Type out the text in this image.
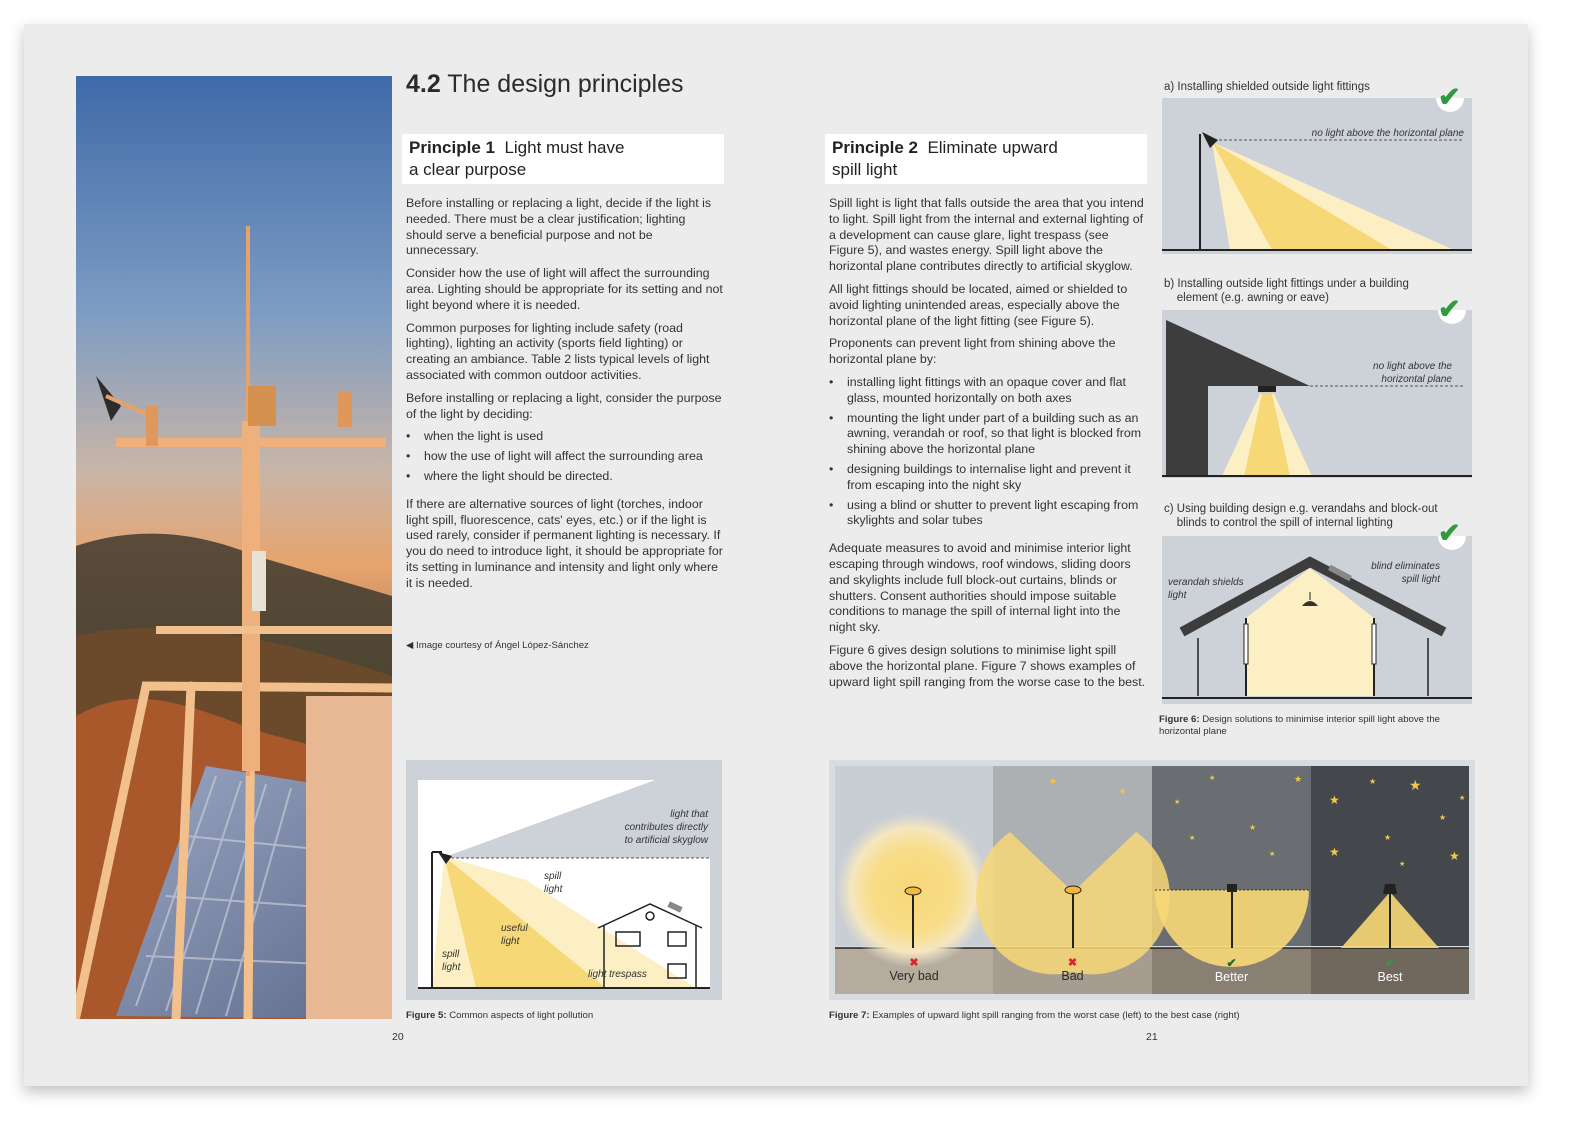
4.2 The design principles
Principle 1 Light must have
a clear purpose

Before installing or replacing a light, decide if the light is needed. There must be a clear justification; lighting should serve a beneficial purpose and not be unnecessary.

Consider how the use of light will affect the surrounding area. Lighting should be appropriate for its setting and not light beyond where it is needed.

Common purposes for lighting include safety (road lighting), lighting an activity (sports field lighting) or creating an ambiance. Table 2 lists typical levels of light associated with common outdoor activities.

Before installing or replacing a light, consider the purpose of the light by deciding:

• when the light is used
• how the use of light will affect the surrounding area
• where the light should be directed.

If there are alternative sources of light (torches, indoor light spill, fluorescence, cats' eyes, etc.) or if the light is used rarely, consider if permanent lighting is necessary. If you do need to introduce light, it should be appropriate for its setting in luminance and intensity and light only where it is needed.

◀ Image courtesy of Ángel López-Sánchez
light that
contributes directly
to artificial skyglow
spill
light
useful
light
spill
light
light trespass
Figure 5: Common aspects of light pollution
20
Principle 2 Eliminate upward
spill light

Spill light is light that falls outside the area that you intend to light. Spill light from the internal and external lighting of a development can cause glare, light trespass (see Figure 5), and wastes energy. Spill light above the horizontal plane contributes directly to artificial skyglow.

All light fittings should be located, aimed or shielded to avoid lighting unintended areas, especially above the horizontal plane of the light fitting (see Figure 5).

Proponents can prevent light from shining above the horizontal plane by:

• installing light fittings with an opaque cover and flat glass, mounted horizontally on both axes
• mounting the light under part of a building such as an awning, verandah or roof, so that light is blocked from shining above the horizontal plane
• designing buildings to internalise light and prevent it from escaping into the night sky
• using a blind or shutter to prevent light escaping from skylights and solar tubes

Adequate measures to avoid and minimise interior light escaping through windows, roof windows, sliding doors and skylights include full block-out curtains, blinds or shutters. Consent authorities should impose suitable conditions to manage the spill of internal light into the night sky.

Figure 6 gives design solutions to minimise light spill above the horizontal plane. Figure 7 shows examples of upward light spill ranging from the worse case to the best.

a) Installing shielded outside light fittings
no light above the horizontal plane
✔
b) Installing outside light fittings under a building
element (e.g. awning or eave)
no light above the
horizontal plane
✔
c) Using building design e.g. verandahs and block-out
blinds to control the spill of internal lighting
verandah shields
light
blind eliminates
spill light
✔
Figure 6: Design solutions to minimise interior spill light above the
horizontal plane
★
★
★
★
★
★
★
★
★
★ ★
★
★
★
★
★
★
✖
Very bad
✖
Bad
✔
Better
✔
Best
Figure 7: Examples of upward light spill ranging from the worst case (left) to the best case (right)
21
